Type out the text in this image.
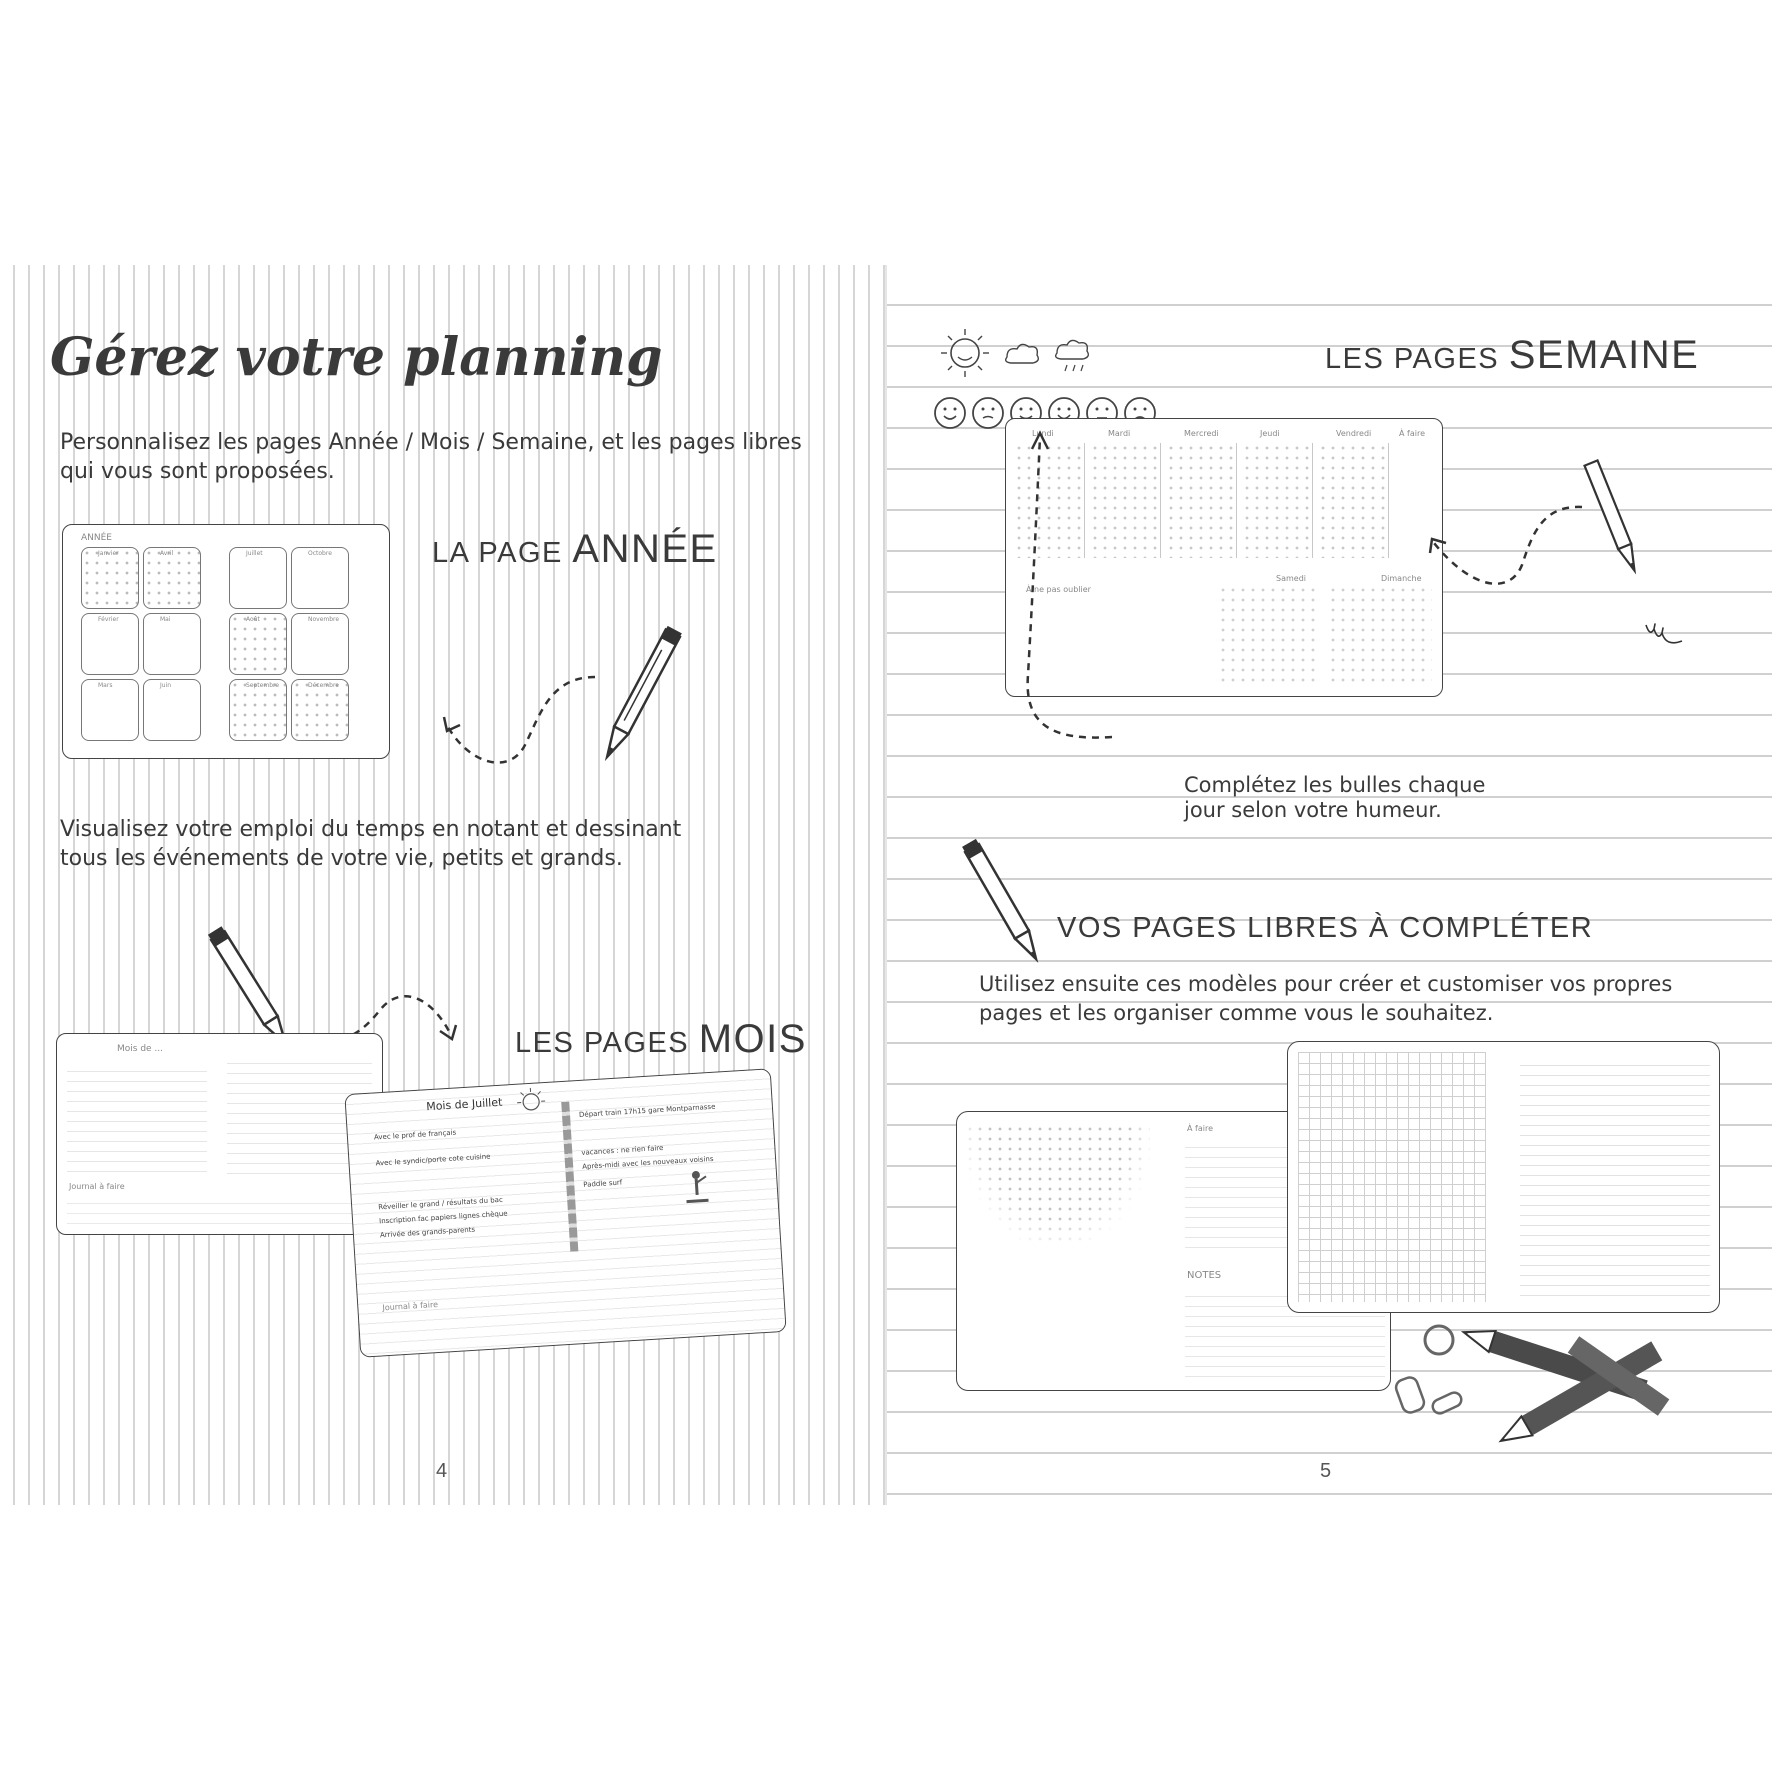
Gérez votre planning
Personnalisez les pages Année / Mois / Semaine, et les pages libres
qui vous sont proposées.
ANNÉE
Janvier	Avril	Juillet	Octobre
Février	Mai	Août	Novembre
Mars	Juin	Septembre	Décembre
LA PAGE ANNÉE
Visualisez votre emploi du temps en notant et dessinant
tous les événements de votre vie, petits et grands.
LES PAGES MOIS
Mois de ...
Journal à faire
Mois de Juillet
Avec le prof de français
Avec le syndic/porte cote cuisine
Réveiller le grand / résultats du bac
Inscription fac papiers lignes chèque
Arrivée des grands-parents
Départ train 17h15 gare Montparnasse
vacances : ne rien faire
Après-midi avec les nouveaux voisins
Paddle surf
Journal à faire
4
LES PAGES SEMAINE
Lundi	Mardi	Mercredi	Jeudi	Vendredi	À faire
À ne pas oublier
Samedi	Dimanche
Complétez les bulles chaque
jour selon votre humeur.
VOS PAGES LIBRES À COMPLÉTER
Utilisez ensuite ces modèles pour créer et customiser vos propres
pages et les organiser comme vous le souhaitez.
À faire
NOTES
5
